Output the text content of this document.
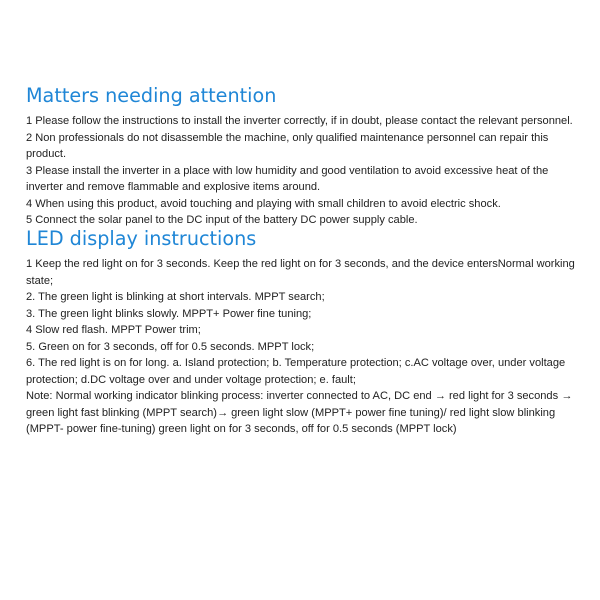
Matters needing attention

1 Please follow the instructions to install the inverter correctly, if in doubt, please contact the relevant personnel.

2 Non professionals do not disassemble the machine, only qualified maintenance personnel can repair this product.

3 Please install the inverter in a place with low humidity and good ventilation to avoid excessive heat of the inverter and remove flammable and explosive items around.

4 When using this product, avoid touching and playing with small children to avoid electric shock.

5 Connect the solar panel to the DC input of the battery DC power supply cable.

LED display instructions

1 Keep the red light on for 3 seconds. Keep the red light on for 3 seconds, and the device entersNormal working state;

2. The green light is blinking at short intervals. MPPT search;

3. The green light blinks slowly. MPPT+ Power fine tuning;

4 Slow red flash. MPPT Power trim;

5. Green on for 3 seconds, off for 0.5 seconds. MPPT lock;

6. The red light is on for long. a. Island protection; b. Temperature protection; c.AC voltage over, under voltage protection; d.DC voltage over and under voltage protection; e. fault;

Note: Normal working indicator blinking process: inverter connected to AC, DC end → red light for 3 seconds → green light fast blinking (MPPT search)→ green light slow (MPPT+ power fine tuning)/ red light slow blinking (MPPT- power fine-tuning) green light on for 3 seconds, off for 0.5 seconds (MPPT lock)
